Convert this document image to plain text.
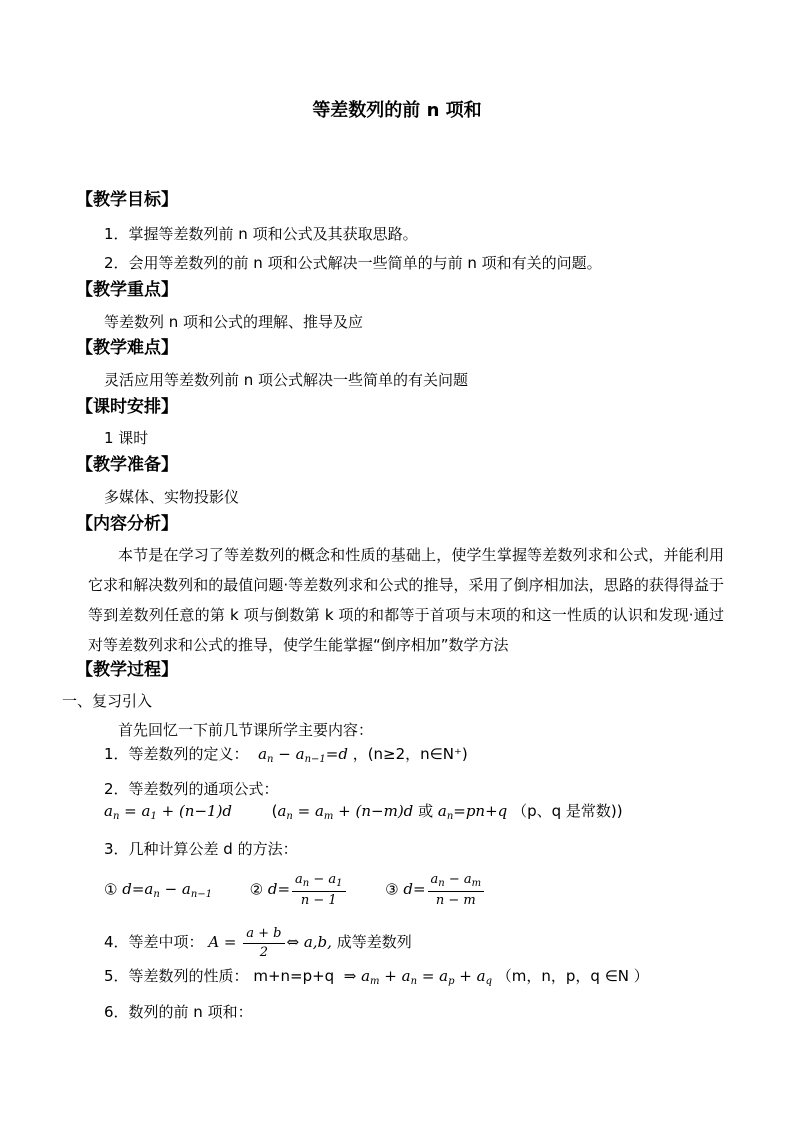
等差数列的前 n 项和
【教学目标】
1．掌握等差数列前 n 项和公式及其获取思路。
2．会用等差数列的前 n 项和公式解决一些简单的与前 n 项和有关的问题。
【教学重点】
等差数列 n 项和公式的理解、推导及应
【教学难点】
灵活应用等差数列前 n 项公式解决一些简单的有关问题
【课时安排】
1 课时
【教学准备】
多媒体、实物投影仪
【内容分析】
本节是在学习了等差数列的概念和性质的基础上，使学生掌握等差数列求和公式，并能利用它求和解决数列和的最值问题·等差数列求和公式的推导，采用了倒序相加法，思路的获得得益于等到差数列任意的第 k 项与倒数第 k 项的和都等于首项与末项的和这一性质的认识和发现·通过对等差数列求和公式的推导，使学生能掌握“倒序相加”数学方法
【教学过程】
一、复习引入
首先回忆一下前几节课所学主要内容：
1．等差数列的定义：  $a_n - a_{n-1}=d$ ，(n≥2，n∈N⁺)
2．等差数列的通项公式：
$a_n = a_1 + (n-1)d$	($a_n = a_m + (n-m)d$ 或 $a_n=pn+q$ （p、q 是常数))
3．几种计算公差 d 的方法：
① $d=a_n - a_{n-1}$	② $d= \frac{a_n - a_1}{n - 1}$	③ $d= \frac{a_n - a_m}{n - m}$
4．等差中项： $A = \frac{a + b}{2}$ ⇔ a,b, 成等差数列
5．等差数列的性质： m+n=p+q  ⇒ $a_m + a_n = a_p + a_q$ （m，n，p，q ∈N ）
6．数列的前 n 项和：
